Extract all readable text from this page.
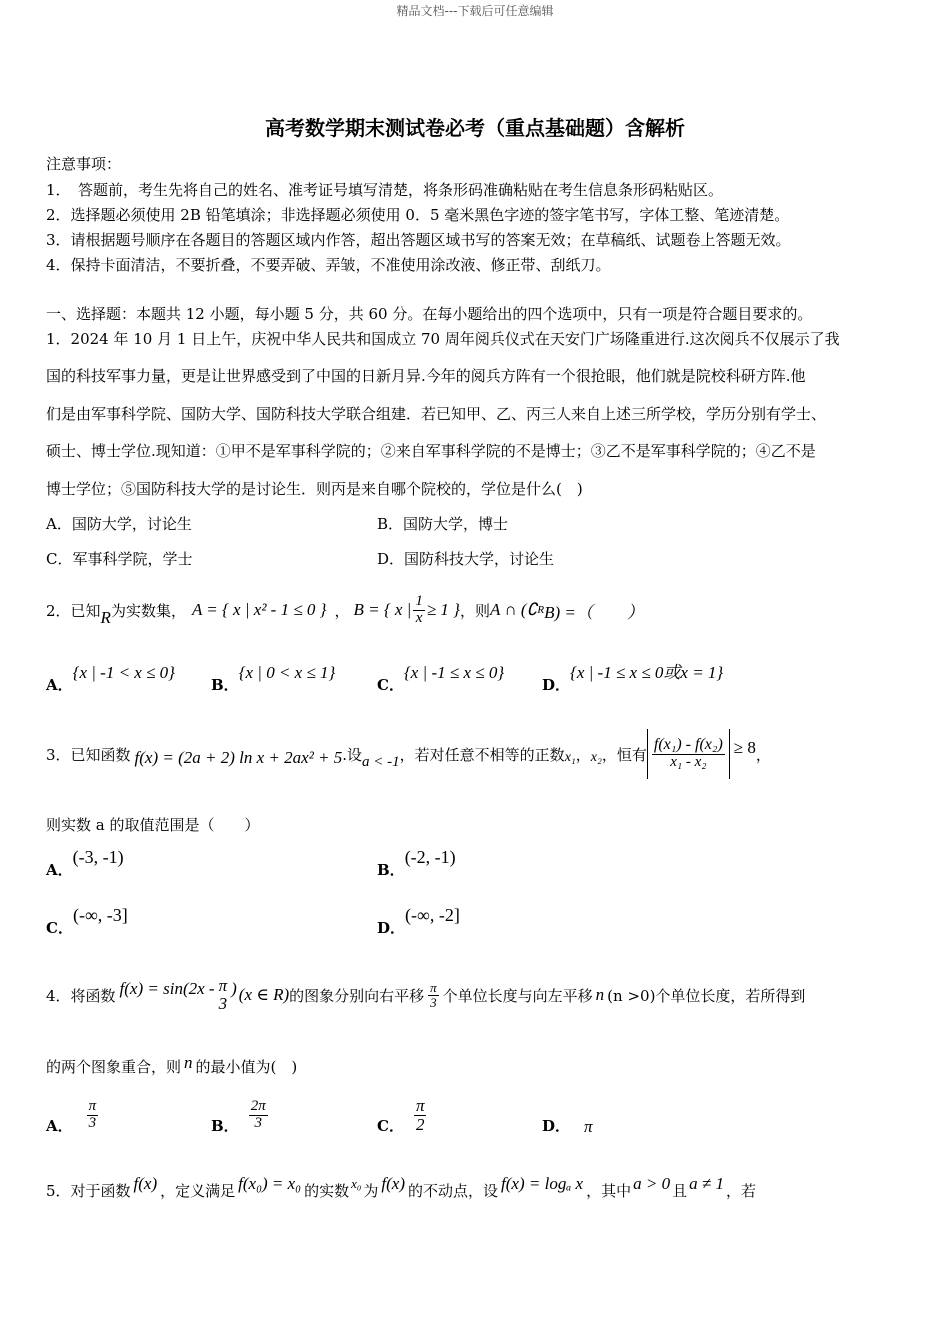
精品文档---下载后可任意编辑
高考数学期末测试卷必考（重点基础题）含解析
注意事项：
1．　答题前，考生先将自己的姓名、准考证号填写清楚，将条形码准确粘贴在考生信息条形码粘贴区。
2．选择题必须使用 2B 铅笔填涂；非选择题必须使用 0．5 毫米黑色字迹的签字笔书写，字体工整、笔迹清楚。
3．请根据题号顺序在各题目的答题区域内作答，超出答题区域书写的答案无效；在草稿纸、试题卷上答题无效。
4．保持卡面清洁，不要折叠，不要弄破、弄皱，不准使用涂改液、修正带、刮纸刀。
一、选择题：本题共 12 小题，每小题 5 分，共 60 分。在每小题给出的四个选项中，只有一项是符合题目要求的。
1．2024 年 10 月 1 日上午，庆祝中华人民共和国成立 70 周年阅兵仪式在天安门广场隆重进行.这次阅兵不仅展示了我
国的科技军事力量，更是让世界感受到了中国的日新月异.今年的阅兵方阵有一个很抢眼，他们就是院校科研方阵.他
们是由军事科学院、国防大学、国防科技大学联合组建．若已知甲、乙、丙三人来自上述三所学校，学历分别有学士、
硕士、博士学位.现知道：①甲不是军事科学院的；②来自军事科学院的不是博士；③乙不是军事科学院的；④乙不是
博士学位；⑤国防科技大学的是讨论生．则丙是来自哪个院校的，学位是什么(　)
A．国防大学，讨论生	B．国防大学，博士
C．军事科学院，学士	D．国防科技大学，讨论生
2．已知 R 为实数集， A = { x | x² - 1 ≤ 0 } ， B = { x | $\frac{1}{x} \ge 1$ } ，则 A ∩ (∁ R B) =（　　）
A．
{x | -1 < x ≤ 0}
B．
{x | 0 < x ≤ 1}
C．
{x | -1 ≤ x ≤ 0}
D．
{x | -1 ≤ x ≤ 0或x = 1}
3．已知函数 f(x) = (2a + 2) ln x + 2ax² + 5 .设 a < -1 ，若对任意不相等的正数 x₁ ， x₂ ，恒有 $\frac{\text{f(x₁) - f(x₂)}}{\text{x₁ - x₂}} \ge 8$ ，
则实数 a 的取值范围是（　　）
A．
(-3, -1)
B．
(-2, -1)
C．
(-∞, -3]
D．
(-∞, -2]
4．将函数 f(x) = sin(2x - π
3
) (x ∈ R) 的图象分别向右平移 $\frac{\pi}{3}$ 个单位长度与向左平移 n (n >0)个单位长度，若所得到
的两个图象重合，则 n 的最小值为(　)
A． $\frac{\pi}{3}$	B． $\frac{2\pi}{3}$	C． $\frac{\pi}{2}$	D． π
5．对于函数 f(x) ，定义满足 f(x₀) = x₀ 的实数 x₀ 为 f(x) 的不动点，设 f(x) = logₐ x ，其中 a > 0 且 a ≠ 1 ，若
